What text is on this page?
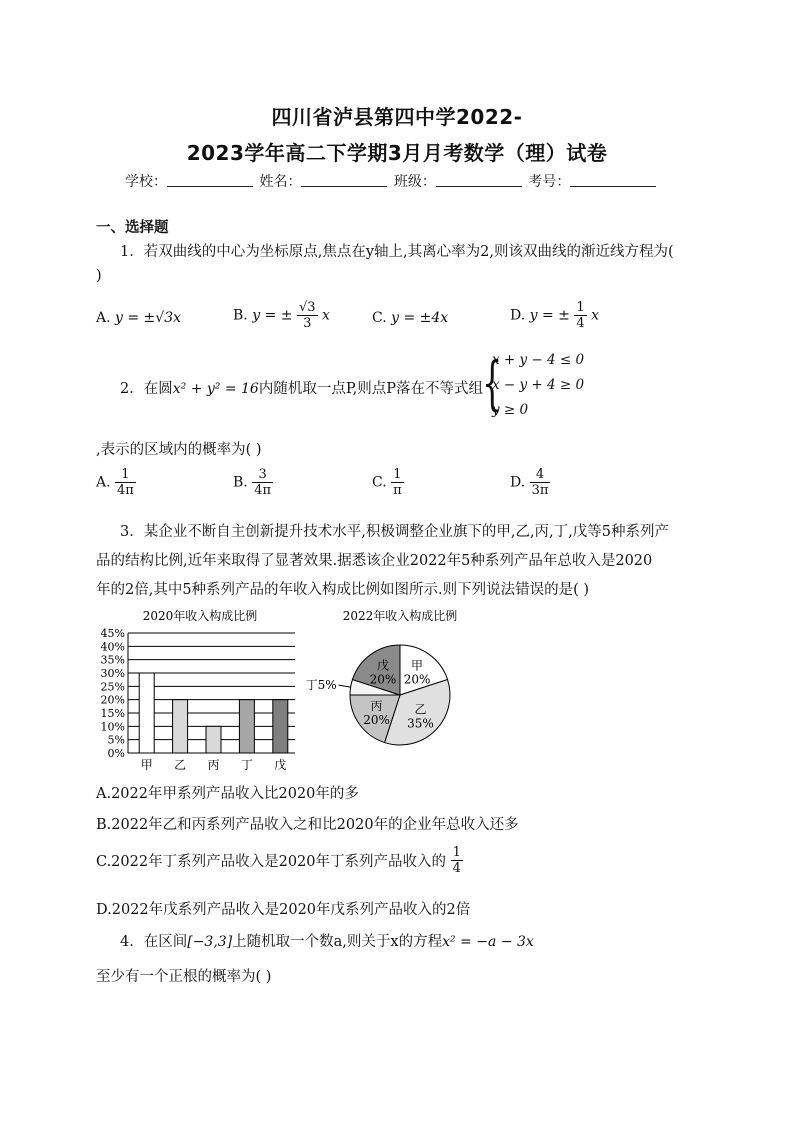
四川省泸县第四中学2022-
2023学年高二下学期3月月考数学（理）试卷
学校：	姓名：	班级：	考号：
一、选择题
1．若双曲线的中心为坐标原点,焦点在y轴上,其离心率为2,则该双曲线的渐近线方程为(
)
A. y = ±√3x	B. y = ± $\frac{√3}{3}$ x	C. y = ±4x	D. y = ± $\frac{1}{4}$ x
2．在圆x² + y² = 16内随机取一点P,则点P落在不等式组
{
x + y − 4 ≤ 0
x − y + 4 ≥ 0
y ≥ 0
,表示的区域内的概率为( )
A. $\frac{1}{4\pi}$	B. $\frac{3}{4\pi}$	C. $\frac{1}{\pi}$	D. $\frac{4}{3\pi}$
3．某企业不断自主创新提升技术水平,积极调整企业旗下的甲,乙,丙,丁,戊等5种系列产
品的结构比例,近年来取得了显著效果.据悉该企业2022年5种系列产品年总收入是2020
年的2倍,其中5种系列产品的年收入构成比例如图所示.则下列说法错误的是( )
2020年收入构成比例
0%
5%
10%
15%
20%
25%
30%
35%
40%
45%
甲 乙 丙 丁 戊
2022年收入构成比例
甲
20%
乙
35%
丙
20%
丁5%
戊
20%
A.2022年甲系列产品收入比2020年的多
B.2022年乙和丙系列产品收入之和比2020年的企业年总收入还多
C.2022年丁系列产品收入是2020年丁系列产品收入的 $\frac{1}{4}$
D.2022年戊系列产品收入是2020年戊系列产品收入的2倍
4．在区间[−3,3]上随机取一个数a,则关于x的方程x² = −a − 3x
至少有一个正根的概率为( )
